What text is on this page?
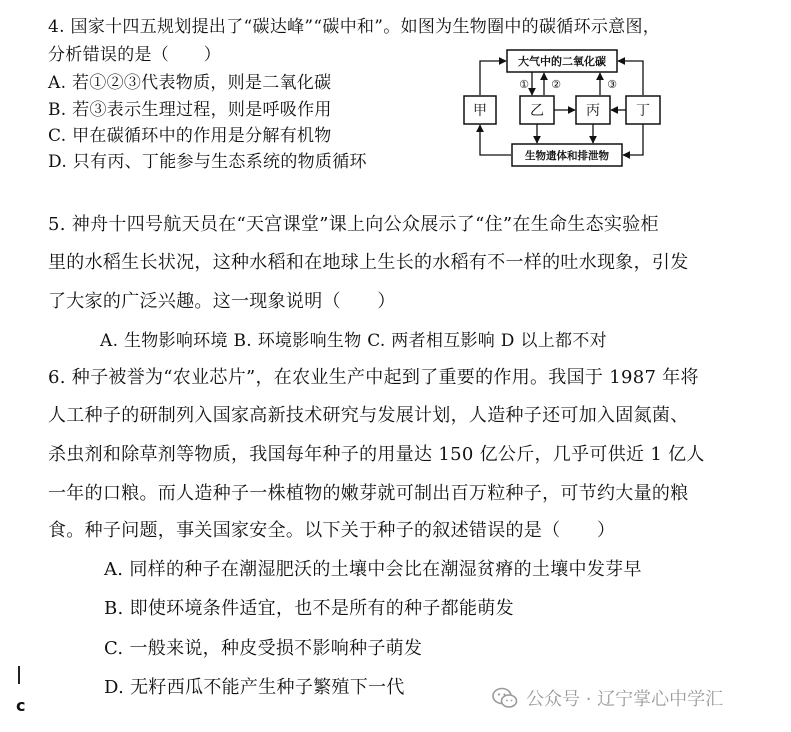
4. 国家十四五规划提出了“碳达峰”“碳中和”。如图为生物圈中的碳循环示意图，
分析错误的是（　　）
A. 若①②③代表物质，则是二氧化碳
B. 若③表示生理过程，则是呼吸作用
C. 甲在碳循环中的作用是分解有机物
D. 只有丙、丁能参与生态系统的物质循环
大气中的二氧化碳
甲	乙	丙	丁
生物遗体和排泄物
① ②	③
5. 神舟十四号航天员在“天宫课堂”课上向公众展示了“住”在生命生态实验柜
里的水稻生长状况，这种水稻和在地球上生长的水稻有不一样的吐水现象，引发
了大家的广泛兴趣。这一现象说明（　　）
A. 生物影响环境 B. 环境影响生物 C. 两者相互影响 D 以上都不对
6. 种子被誉为“农业芯片”，在农业生产中起到了重要的作用。我国于 1987 年将
人工种子的研制列入国家高新技术研究与发展计划，人造种子还可加入固氮菌、
杀虫剂和除草剂等物质，我国每年种子的用量达 150 亿公斤，几乎可供近 1 亿人
一年的口粮。而人造种子一株植物的嫩芽就可制出百万粒种子，可节约大量的粮
食。种子问题，事关国家安全。以下关于种子的叙述错误的是（　　）
A. 同样的种子在潮湿肥沃的土壤中会比在潮湿贫瘠的土壤中发芽早
B. 即使环境条件适宜，也不是所有的种子都能萌发
C. 一般来说，种皮受损不影响种子萌发
D. 无籽西瓜不能产生种子繁殖下一代
c	公众号 · 辽宁掌心中学汇
